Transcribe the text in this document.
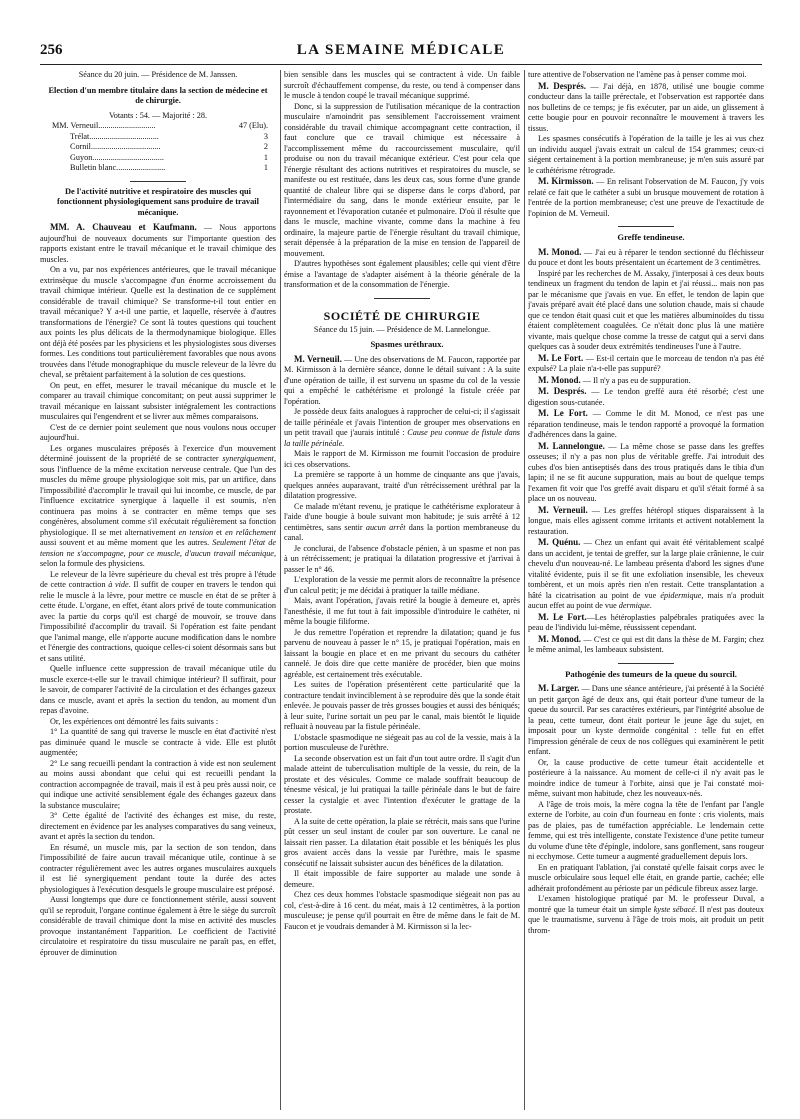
256	LA SEMAINE MÉDICALE

Séance du 20 juin. — Présidence de M. Janssen.

Election d'un membre titulaire dans la section de médecine et de chirurgie.

Votants : 54. — Majorité : 28.

MM. Verneuil............................	47 (Elu).

Trélat..................................	3

Cornil..................................	2

Guyon...................................	1

Bulletin blanc........................	1

De l'activité nutritive et respiratoire des muscles qui fonctionnent physiologiquement sans produire de travail mécanique.

MM. A. Chauveau et Kaufmann. — Nous apportons aujourd'hui de nouveaux documents sur l'importante question des rapports existant entre le travail mécanique et le travail chimique des muscles.

On a vu, par nos expériences antérieures, que le travail mécanique extrinsèque du muscle s'accompagne d'un énorme accroissement du travail chimique intérieur. Quelle est la destination de ce supplément considérable de travail chimique? Se transforme-t-il tout entier en travail mécanique? Y a-t-il une partie, et laquelle, réservée à d'autres transformations de l'énergie? Ce sont là toutes questions qui touchent aux points les plus délicats de la thermodynamique biologique. Elles ont déjà été posées par les physiciens et les physiologistes sous diverses formes. Les conditions tout particulièrement favorables que nous avons trouvées dans l'étude monographique du muscle releveur de la lèvre du cheval, se prêtaient parfaitement à la solution de ces questions.

On peut, en effet, mesurer le travail mécanique du muscle et le comparer au travail chimique concomitant; on peut aussi supprimer le travail mécanique en laissant subsister intégralement les contractions musculaires qui l'engendrent et se livrer aux mêmes comparaisons.

C'est de ce dernier point seulement que nous voulons nous occuper aujourd'hui.

Les organes musculaires préposés à l'exercice d'un mouvement déterminé jouissent de la propriété de se contracter synergiquement, sous l'influence de la même excitation nerveuse centrale. Que l'un des muscles du même groupe physiologique soit mis, par un artifice, dans l'impossibilité d'accomplir le travail qui lui incombe, ce muscle, de par l'influence excitatrice synergique à laquelle il est soumis, n'en continuera pas moins à se contracter en même temps que ses congénères, absolument comme s'il exécutait régulièrement sa fonction physiologique. Il se met alternativement en tension et en relâchement aussi souvent et au même moment que les autres. Seulement l'état de tension ne s'accompagne, pour ce muscle, d'aucun travail mécanique, selon la formule des physiciens.

Le releveur de la lèvre supérieure du cheval est très propre à l'étude de cette contraction à vide. Il suffit de couper en travers le tendon qui relie le muscle à la lèvre, pour mettre ce muscle en état de se prêter à cette étude. L'organe, en effet, étant alors privé de toute communication avec la partie du corps qu'il est chargé de mouvoir, se trouve dans l'impossibilité d'accomplir du travail. Si l'opération est faite pendant que l'animal mange, elle n'apporte aucune modification dans le nombre et l'énergie des contractions, quoique celles-ci soient désormais sans but et sans utilité.

Quelle influence cette suppression de travail mécanique utile du muscle exerce-t-elle sur le travail chimique intérieur? Il suffirait, pour le savoir, de comparer l'activité de la circulation et des échanges gazeux dans ce muscle, avant et après la section du tendon, au moment d'un repas d'avoine.

Or, les expériences ont démontré les faits suivants :

1° La quantité de sang qui traverse le muscle en état d'activité n'est pas diminuée quand le muscle se contracte à vide. Elle est plutôt augmentée;

2° Le sang recueilli pendant la contraction à vide est non seulement au moins aussi abondant que celui qui est recueilli pendant la contraction accompagnée de travail, mais il est à peu près aussi noir, ce qui indique une activité sensiblement égale des échanges gazeux dans la substance musculaire;

3° Cette égalité de l'activité des échanges est mise, du reste, directement en évidence par les analyses comparatives du sang veineux, avant et après la section du tendon.

En résumé, un muscle mis, par la section de son tendon, dans l'impossibilité de faire aucun travail mécanique utile, continue à se contracter régulièrement avec les autres organes musculaires auxquels il est lié synergiquement pendant toute la durée des actes physiologiques à l'exécution desquels le groupe musculaire est préposé.

Aussi longtemps que dure ce fonctionnement stérile, aussi souvent qu'il se reproduit, l'organe continue également à être le siège du surcroît considérable de travail chimique dont la mise en activité des muscles provoque instantanément l'apparition. Le coefficient de l'activité circulatoire et respiratoire du tissu musculaire ne paraît pas, en effet, éprouver de diminution

bien sensible dans les muscles qui se contractent à vide. Un faible surcroît d'échauffement compense, du reste, ou tend à compenser dans le muscle à tendon coupé le travail mécanique supprimé.

Donc, si la suppression de l'utilisation mécanique de la contraction musculaire n'amoindrit pas sensiblement l'accroissement vraiment considérable du travail chimique accompagnant cette contraction, il faut conclure que ce travail chimique est nécessaire à l'accomplissement même du raccourcissement musculaire, qu'il produise ou non du travail mécanique extérieur. C'est pour cela que l'énergie résultant des actions nutritives et respiratoires du muscle, se manifeste ou est restituée, dans les deux cas, sous forme d'une grande quantité de chaleur libre qui se disperse dans le corps d'abord, par l'intermédiaire du sang, dans le monde extérieur ensuite, par le rayonnement et l'évaporation cutanée et pulmonaire. D'où il résulte que dans le muscle, machine vivante, comme dans la machine à feu ordinaire, la majeure partie de l'énergie résultant du travail chimique, serait dépensée à la préparation de la mise en tension de l'appareil de mouvement.

D'autres hypothèses sont également plausibles; celle qui vient d'être émise a l'avantage de s'adapter aisément à la théorie générale de la transformation et de la consommation de l'énergie.

SOCIÉTÉ DE CHIRURGIE

Séance du 15 juin. — Présidence de M. Lannelongue.

Spasmes uréthraux.

M. Verneuil. — Une des observations de M. Faucon, rapportée par M. Kirmisson à la dernière séance, donne le détail suivant : A la suite d'une opération de taille, il est survenu un spasme du col de la vessie qui a empêché le cathétérisme et prolongé la fistule créée par l'opération.

Je possède deux faits analogues à rapprocher de celui-ci; il s'agissait de taille périnéale et j'avais l'intention de grouper mes observations en un petit travail que j'aurais intitulé : Cause peu connue de fistule dans la taille périnéale.

Mais le rapport de M. Kirmisson me fournit l'occasion de produire ici ces observations.

La première se rapporte à un homme de cinquante ans que j'avais, quelques années auparavant, traité d'un rétrécissement uréthral par la dilatation progressive.

Ce malade m'étant revenu, je pratique le cathétérisme explorateur à l'aide d'une bougie à boule suivant mon habitude; je suis arrêté à 12 centimètres, sans sentir aucun arrêt dans la portion membraneuse du canal.

Je conclurai, de l'absence d'obstacle pénien, à un spasme et non pas à un rétrécissement; je pratiquai la dilatation progressive et j'arrivai à passer le n° 46.

L'exploration de la vessie me permit alors de reconnaître la présence d'un calcul petit; je me décidai à pratiquer la taille médiane.

Mais, avant l'opération, j'avais retiré la bougie à demeure et, après l'anesthésie, il me fut tout à fait impossible d'introduire le cathéter, ni même la bougie filiforme.

Je dus remettre l'opération et reprendre la dilatation; quand je fus parvenu de nouveau à passer le n° 15, je pratiquai l'opération, mais en laissant la bougie en place et en me privant du secours du cathéter cannelé. Je dois dire que cette manière de procéder, bien que moins agréable, est certainement très exécutable.

Les suites de l'opération présentèrent cette particularité que la contracture tendait invinciblement à se reproduire dès que la sonde était enlevée. Je pouvais passer de très grosses bougies et aussi des béniqués; à leur suite, l'urine sortait un peu par le canal, mais bientôt le liquide refluait à nouveau par la fistule périnéale.

L'obstacle spasmodique ne siégeait pas au col de la vessie, mais à la portion musculeuse de l'urèthre.

La seconde observation est un fait d'un tout autre ordre. Il s'agit d'un malade atteint de tuberculisation multiple de la vessie, du rein, de la prostate et des vésicules. Comme ce malade souffrait beaucoup de ténesme vésical, je lui pratiquai la taille périnéale dans le but de faire cesser la cystalgie et avec l'intention d'exécuter le grattage de la prostate.

A la suite de cette opération, la plaie se rétrécit, mais sans que l'urine pût cesser un seul instant de couler par son ouverture. Le canal ne laissait rien passer. La dilatation était possible et les béniqués les plus gros avaient accès dans la vessie par l'urèthre, mais le spasme consécutif ne laissait subsister aucun des bénéfices de la dilatation.

Il était impossible de faire supporter au malade une sonde à demeure.

Chez ces deux hommes l'obstacle spasmodique siégeait non pas au col, c'est-à-dire à 16 cent. du méat, mais à 12 centimètres, à la portion musculeuse; je pense qu'il pourrait en être de même dans le fait de M. Faucon et je voudrais demander à M. Kirmisson si la lec-

ture attentive de l'observation ne l'amène pas à penser comme moi.

M. Després. — J'ai déjà, en 1878, utilisé une bougie comme conducteur dans la taille prérectale, et l'observation est rapportée dans nos bulletins de ce temps; je fis exécuter, par un aide, un glissement à cette bougie pour en pouvoir reconnaître le mouvement à travers les tissus.

Les spasmes consécutifs à l'opération de la taille je les ai vus chez un individu auquel j'avais extrait un calcul de 154 grammes; ceux-ci siégent certainement à la portion membraneuse; je m'en suis assuré par le cathétérisme rétrograde.

M. Kirmisson. — En relisant l'observation de M. Faucon, j'y vois relaté ce fait que le cathéter a subi un brusque mouvement de rotation à l'entrée de la portion membraneuse; c'est une preuve de l'exactitude de l'opinion de M. Verneuil.

Greffe tendineuse.

M. Monod. — J'ai eu à réparer le tendon sectionné du fléchisseur du pouce et dont les bouts présentaient un écartement de 3 centimètres.

Inspiré par les recherches de M. Assaky, j'interposai à ces deux bouts tendineux un fragment du tendon de lapin et j'ai réussi... mais non pas par le mécanisme que j'avais en vue. En effet, le tendon de lapin que j'avais préparé avait été placé dans une solution chaude, mais si chaude que ce tendon était quasi cuit et que les matières albuminoïdes du tissu étaient complètement coagulées. Ce n'était donc plus là une matière vivante, mais quelque chose comme la tresse de catgut qui a servi dans quelques cas à souder deux extrémités tendineuses l'une à l'autre.

M. Le Fort. — Est-il certain que le morceau de tendon n'a pas été expulsé? La plaie n'a-t-elle pas suppuré?

M. Monod. — Il n'y a pas eu de suppuration.

M. Després. — Le tendon greffé aura été résorbé; c'est une digestion sous-cutanée.

M. Le Fort. — Comme le dit M. Monod, ce n'est pas une réparation tendineuse, mais le tendon rapporté a provoqué la formation d'adhérences dans la gaine.

M. Lannelongue. — La même chose se passe dans les greffes osseuses; il n'y a pas non plus de véritable greffe. J'ai introduit des cubes d'os bien antiseptisés dans des trous pratiqués dans le tibia d'un lapin; il ne se fit aucune suppuration, mais au bout de quelque temps l'examen fit voir que l'os greffé avait disparu et qu'il s'était formé à sa place un os nouveau.

M. Verneuil. — Les greffes hétéropl stiques disparaissent à la longue, mais elles agissent comme irritants et activent notablement la restauration.

M. Quénu. — Chez un enfant qui avait été véritablement scalpé dans un accident, je tentai de greffer, sur la large plaie crânienne, le cuir chevelu d'un nouveau-né. Le lambeau présenta d'abord les signes d'une vitalité évidente, puis il se fit une exfoliation insensible, les cheveux tombèrent, et un mois après rien n'en restait. Cette transplantation a hâté la cicatrisation au point de vue épidermique, mais n'a produit aucun effet au point de vue dermique.

M. Le Fort.—Les hétéroplasties palpébrales pratiquées avec la peau de l'individu lui-même, réussissent cependant.

M. Monod. — C'est ce qui est dit dans la thèse de M. Fargin; chez le même animal, les lambeaux subsistent.

Pathogénie des tumeurs de la queue du sourcil.

M. Larger. — Dans une séance antérieure, j'ai présenté à la Société un petit garçon âgé de deux ans, qui était porteur d'une tumeur de la queue du sourcil. Par ses caractères extérieurs, par l'intégrité absolue de la peau, cette tumeur, dont était porteur le jeune âge du sujet, en imposait pour un kyste dermoïde congénital : telle fut en effet l'impression générale de ceux de nos collègues qui examinèrent le petit enfant.

Or, la cause productive de cette tumeur était accidentelle et postérieure à la naissance. Au moment de celle-ci il n'y avait pas le moindre indice de tumeur à l'orbite, ainsi que je l'ai constaté moi-même, suivant mon habitude, chez les nouveaux-nés.

A l'âge de trois mois, la mère cogna la tête de l'enfant par l'angle externe de l'orbite, au coin d'un fourneau en fonte : cris violents, mais pas de plaies, pas de tuméfaction appréciable. Le lendemain cette femme, qui est très intelligente, constate l'existence d'une petite tumeur du volume d'une tête d'épingle, indolore, sans gonflement, sans rougeur ni ecchymose. Cette tumeur a augmenté graduellement depuis lors.

En en pratiquant l'ablation, j'ai constaté qu'elle faisait corps avec le muscle orbiculaire sous lequel elle était, en grande partie, cachée; elle adhérait profondément au périoste par un pédicule fibreux assez large.

L'examen histologique pratiqué par M. le professeur Duval, a montré que la tumeur était un simple kyste sébacé. Il n'est pas douteux que le traumatisme, survenu à l'âge de trois mois, ait produit un petit throm-
